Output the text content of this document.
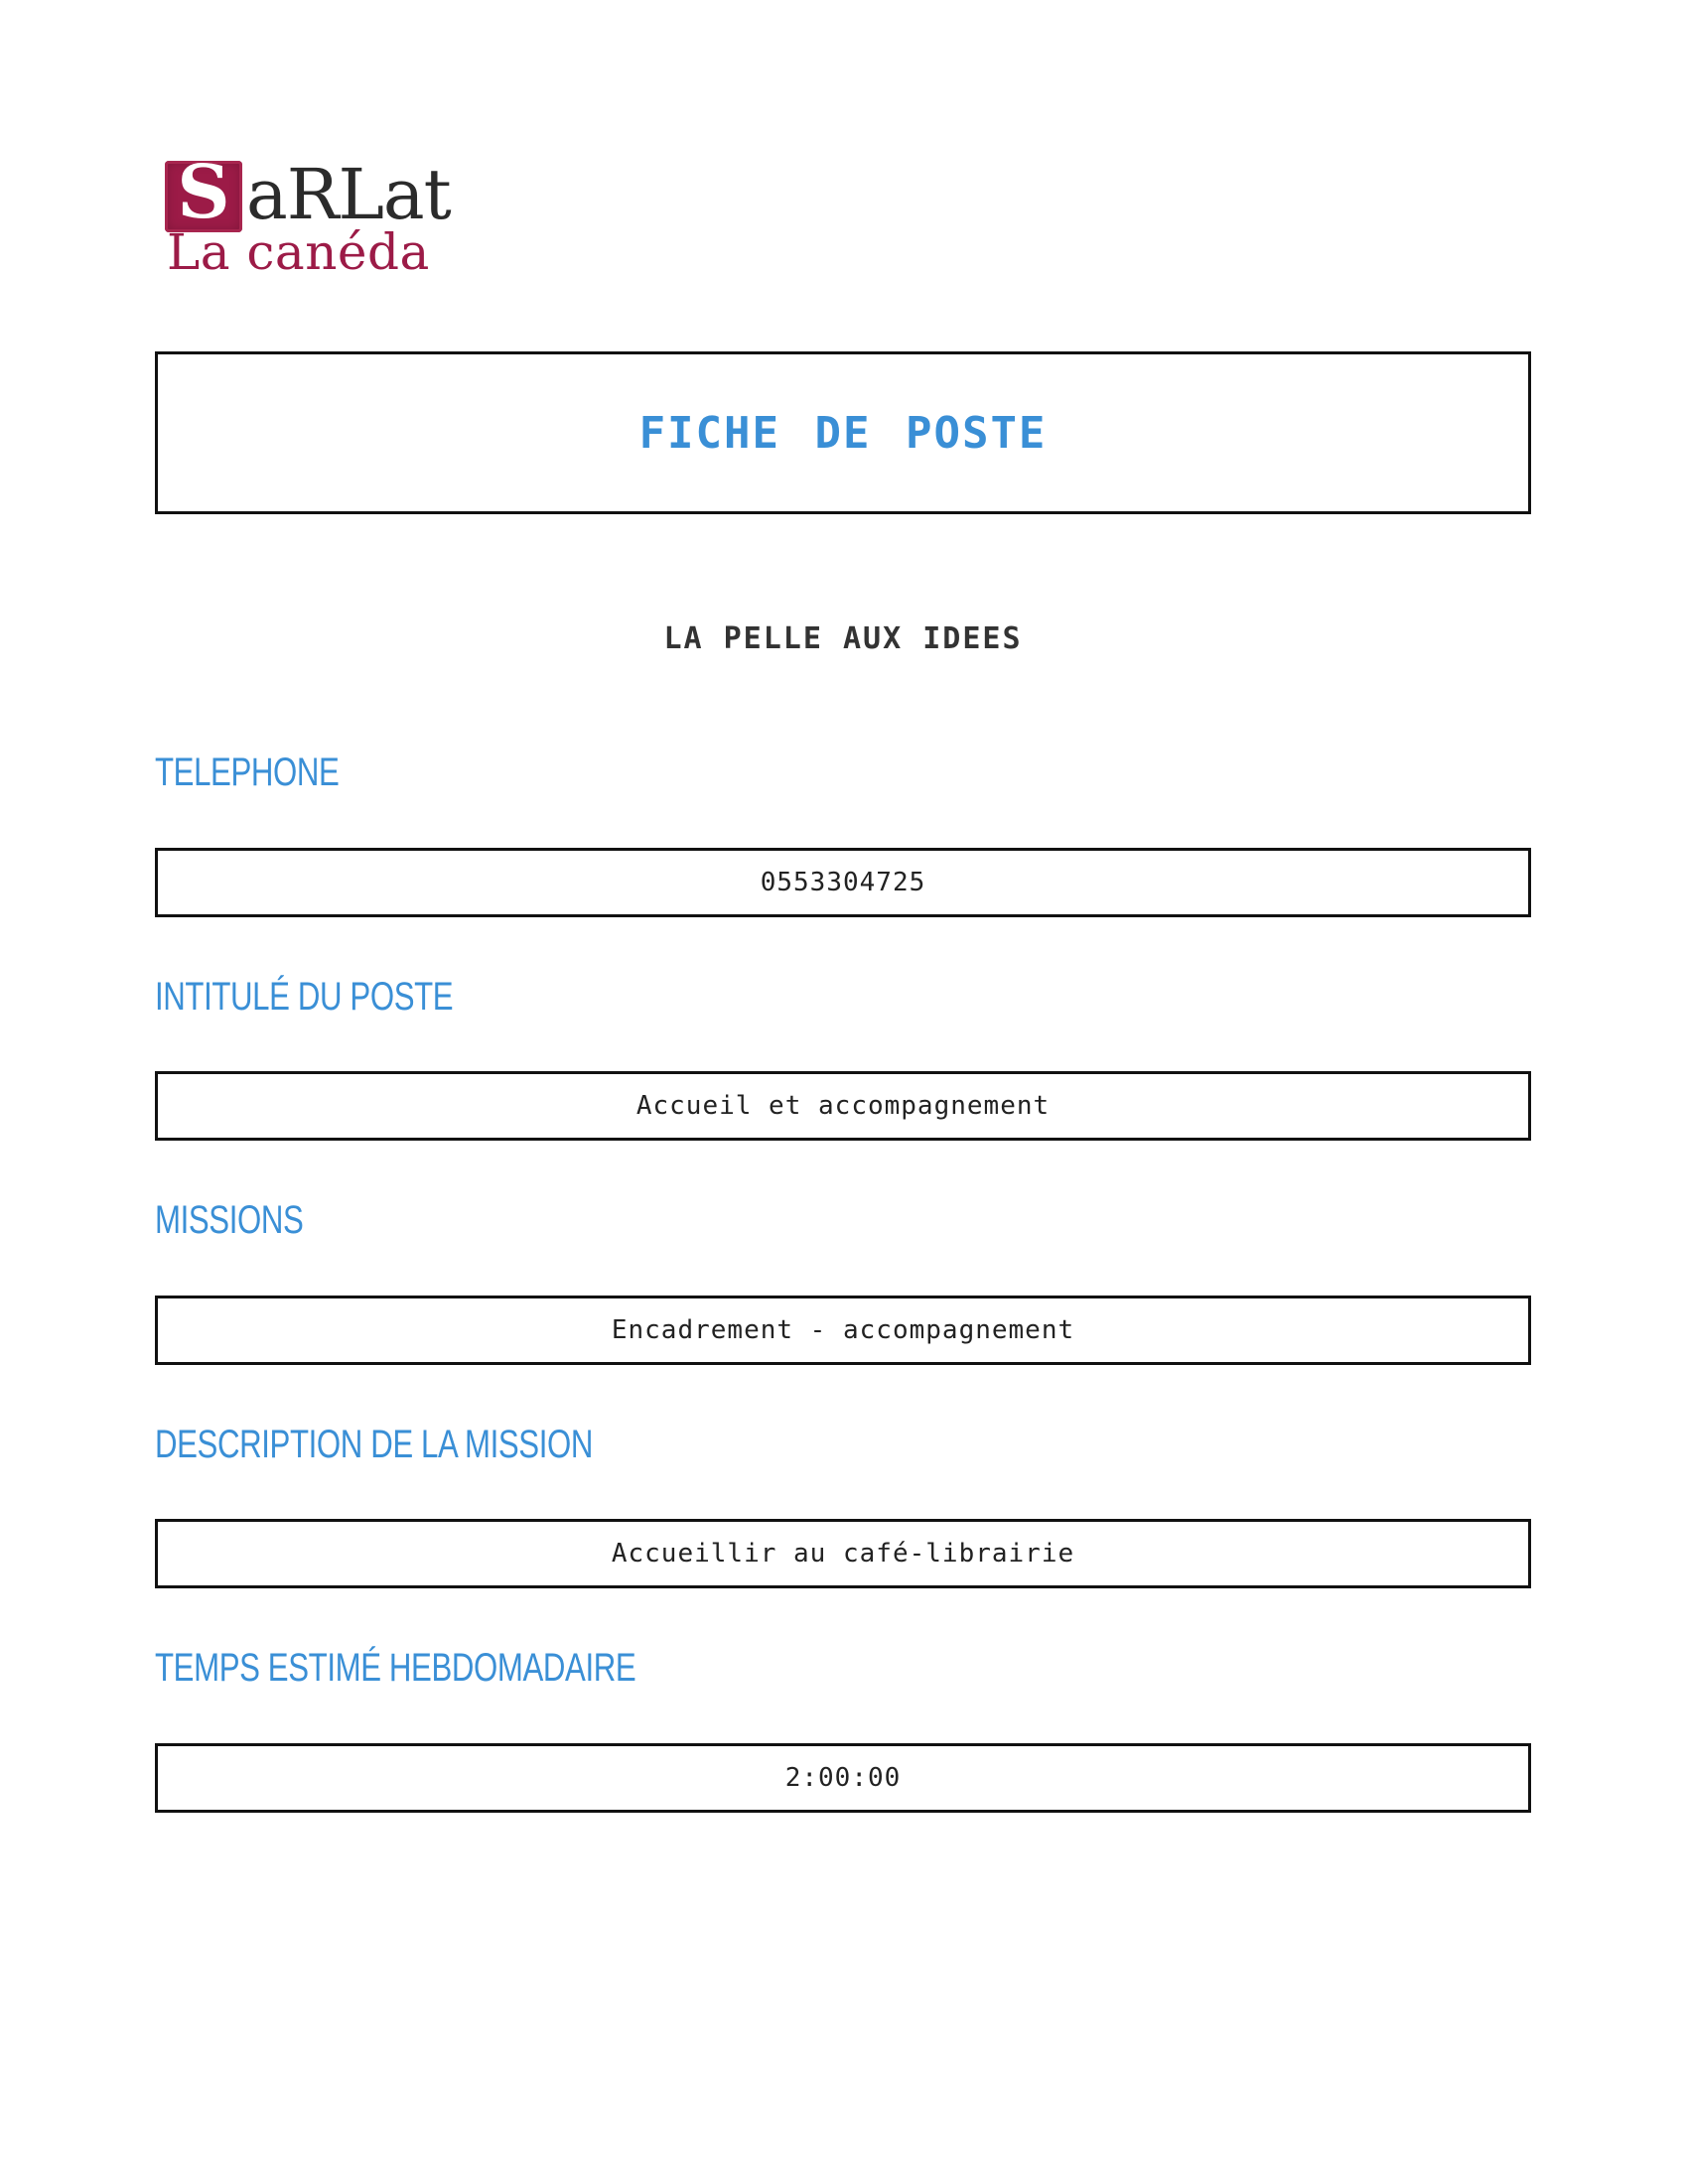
S aRLat
La canéda
FICHE DE POSTE
LA PELLE AUX IDEES
TELEPHONE
0553304725
INTITULÉ DU POSTE
Accueil et accompagnement
MISSIONS
Encadrement - accompagnement
DESCRIPTION DE LA MISSION
Accueillir au café-librairie
TEMPS ESTIMÉ HEBDOMADAIRE
2:00:00
